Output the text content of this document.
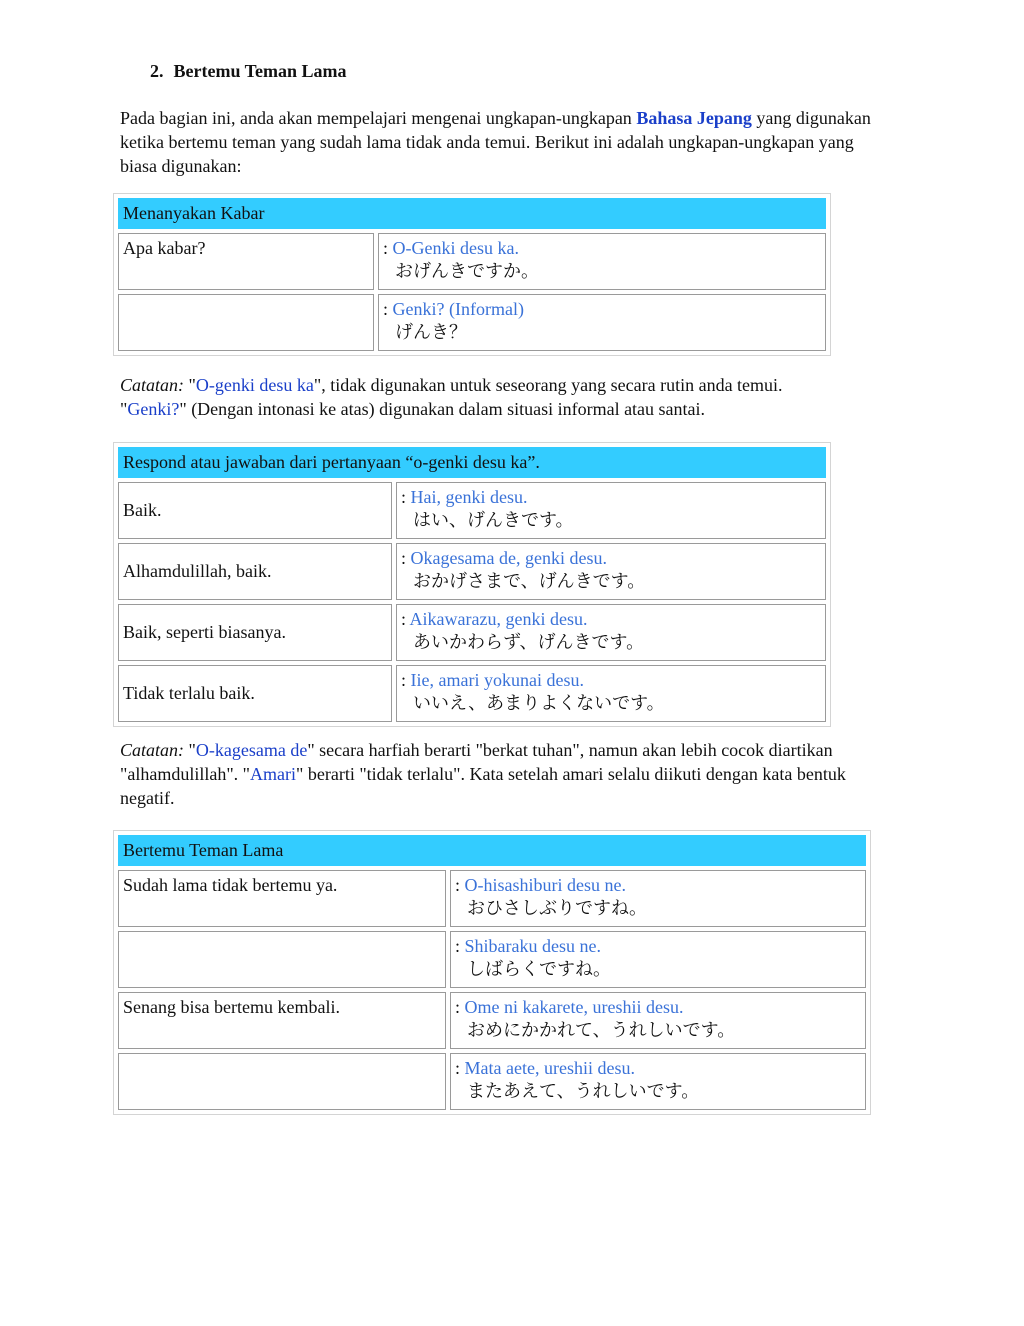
2. Bertemu Teman Lama
Pada bagian ini, anda akan mempelajari mengenai ungkapan-ungkapan Bahasa Jepang yang digunakan ketika bertemu teman yang sudah lama tidak anda temui. Berikut ini adalah ungkapan-ungkapan yang biasa digunakan:
Menanyakan Kabar	
Apa kabar?	: O-Genki desu ka.
おげんきですか。

	: Genki? (Informal)
げんき？
Catatan: "O-genki desu ka", tidak digunakan untuk seseorang yang secara rutin anda temui.
"Genki?" (Dengan intonasi ke atas) digunakan dalam situasi informal atau santai.
Respond atau jawaban dari pertanyaan “o-genki desu ka”.	
Baik.	: Hai, genki desu.
はい、げんきです。

Alhamdulillah, baik.	: Okagesama de, genki desu.
おかげさまで、げんきです。

Baik, seperti biasanya.	: Aikawarazu, genki desu.
あいかわらず、げんきです。

Tidak terlalu baik.	: Iie, amari yokunai desu.
いいえ、あまりよくないです。
Catatan: "O-kagesama de" secara harfiah berarti "berkat tuhan", namun akan lebih cocok diartikan "alhamdulillah". "Amari" berarti "tidak terlalu". Kata setelah amari selalu diikuti dengan kata bentuk negatif.
Bertemu Teman Lama	
Sudah lama tidak bertemu ya.	: O-hisashiburi desu ne.
おひさしぶりですね。

	: Shibaraku desu ne.
しばらくですね。

Senang bisa bertemu kembali.	: Ome ni kakarete, ureshii desu.
おめにかかれて、うれしいです。

	: Mata aete, ureshii desu.
またあえて、うれしいです。
